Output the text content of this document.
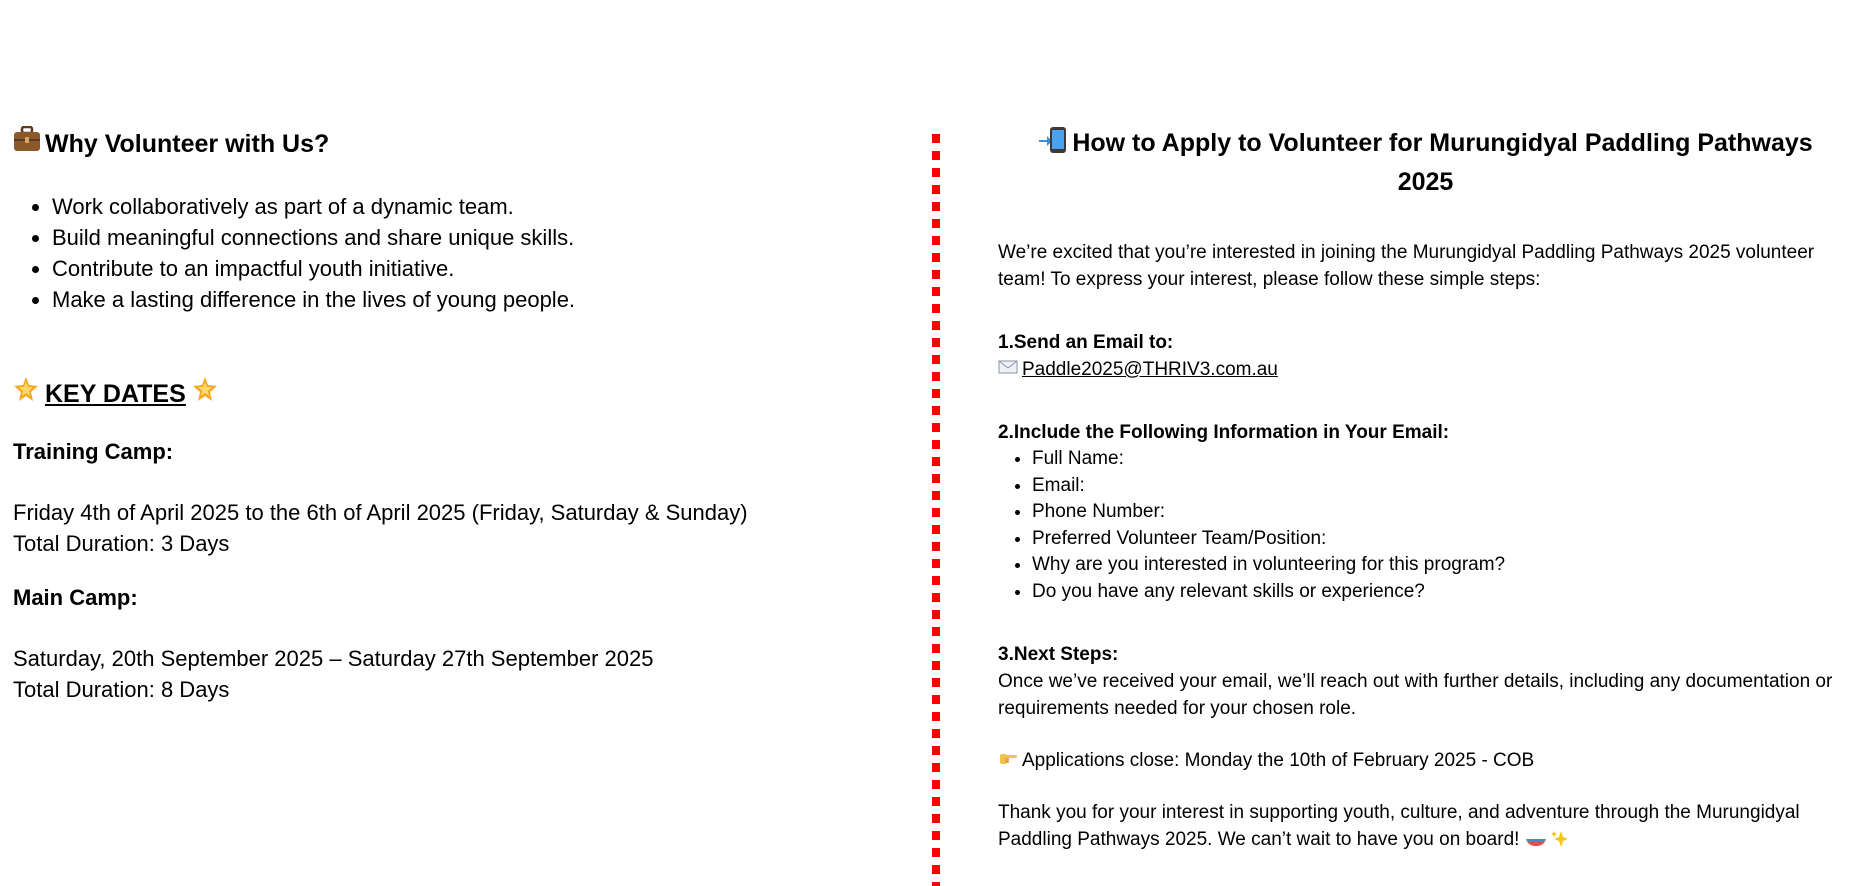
Why Volunteer with Us?
• Work collaboratively as part of a dynamic team.
• Build meaningful connections and share unique skills.
• Contribute to an impactful youth initiative.
• Make a lasting difference in the lives of young people.
KEY DATES
Training Camp:
Friday 4th of April 2025 to the 6th of April 2025 (Friday, Saturday & Sunday)
Total Duration: 3 Days
Main Camp:
Saturday, 20th September 2025 – Saturday 27th September 2025
Total Duration: 8 Days
How to Apply to Volunteer for Murungidyal Paddling Pathways
2025
We’re excited that you’re interested in joining the Murungidyal Paddling Pathways 2025 volunteer team! To express your interest, please follow these simple steps:
1.Send an Email to:
Paddle2025@THRIV3.com.au
2.Include the Following Information in Your Email:
• Full Name:
• Email:
• Phone Number:
• Preferred Volunteer Team/Position:
• Why are you interested in volunteering for this program?
• Do you have any relevant skills or experience?
3.Next Steps:
Once we’ve received your email, we’ll reach out with further details, including any documentation or requirements needed for your chosen role.
Applications close: Monday the 10th of February 2025 - COB
Thank you for your interest in supporting youth, culture, and adventure through the Murungidyal Paddling Pathways 2025. We can’t wait to have you on board!
